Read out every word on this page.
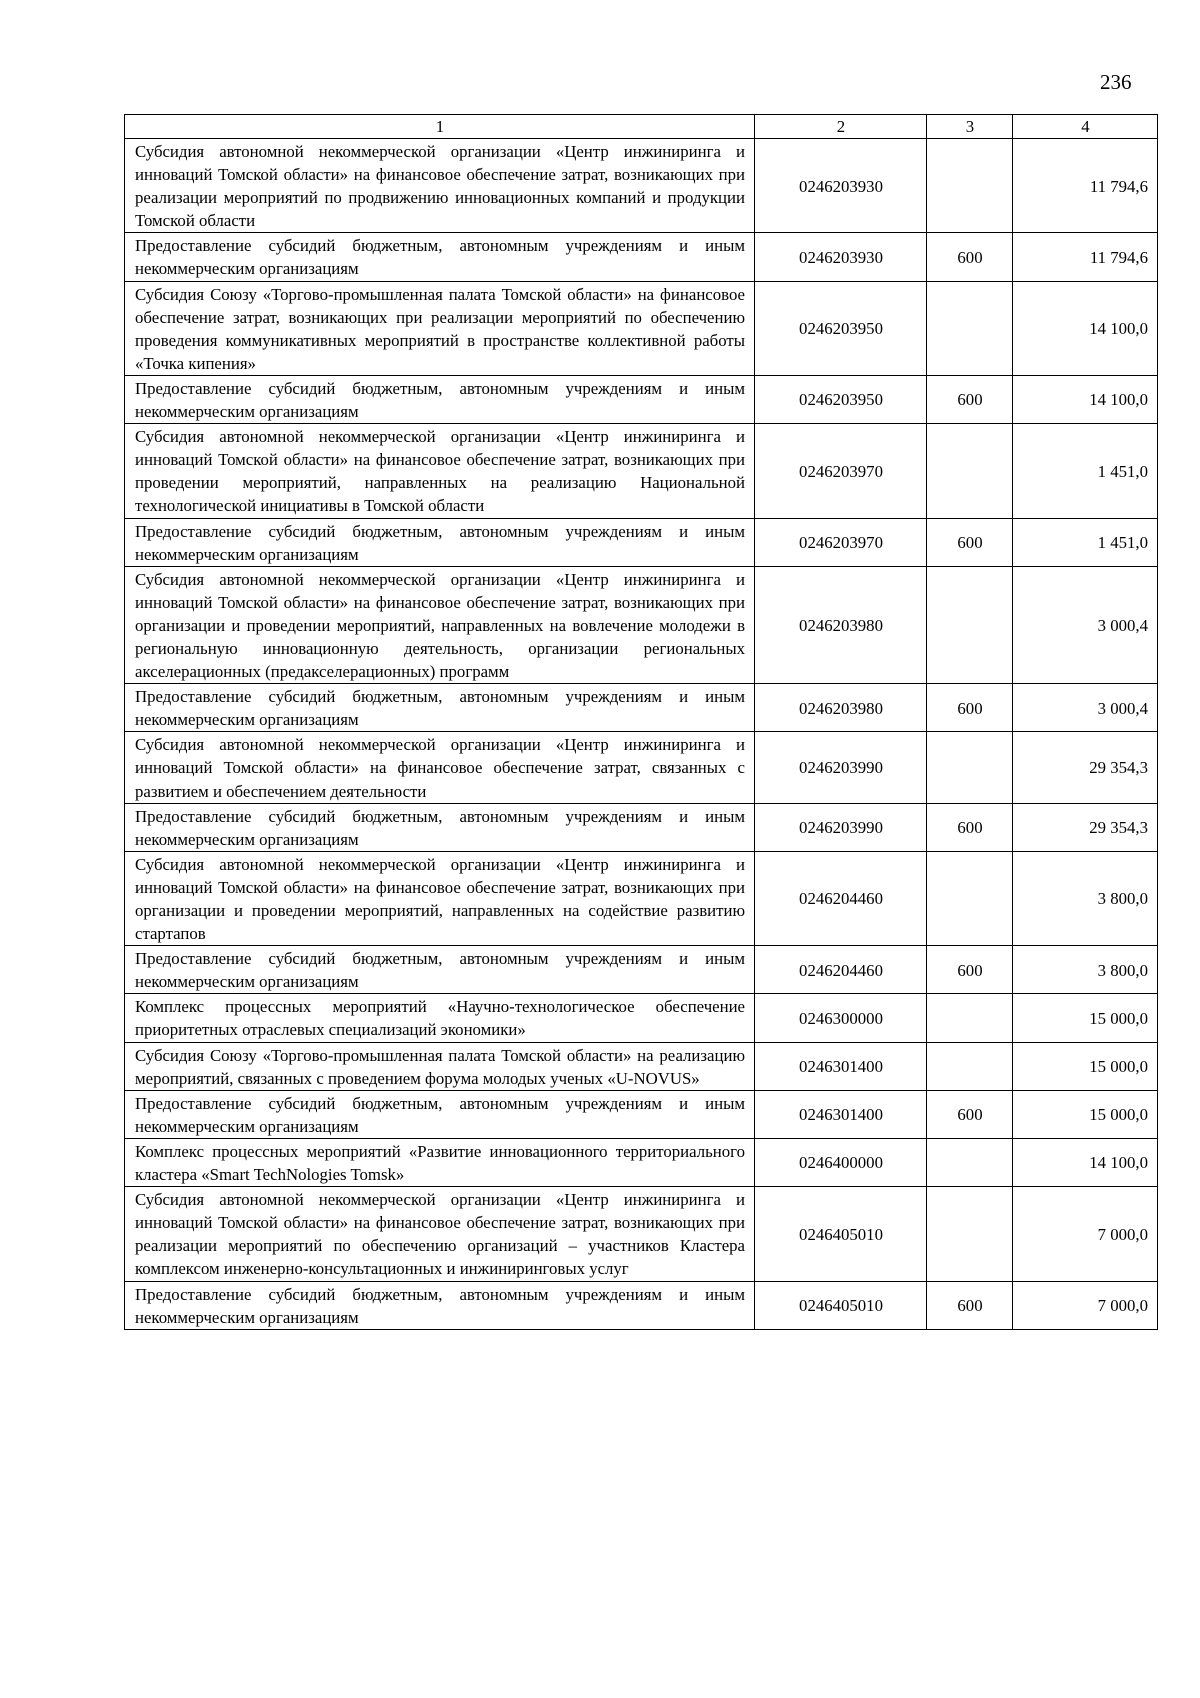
236
1	2	3	4
Субсидия автономной некоммерческой организации «Центр инжиниринга и инноваций Томской области» на финансовое обеспечение затрат, возникающих при реализации мероприятий по продвижению инновационных компаний и продукции Томской области	0246203930		11 794,6
Предоставление субсидий бюджетным, автономным учреждениям и иным некоммерческим организациям	0246203930	600	11 794,6
Субсидия Союзу «Торгово-промышленная палата Томской области» на финансовое обеспечение затрат, возникающих при реализации мероприятий по обеспечению проведения коммуникативных мероприятий в пространстве коллективной работы «Точка кипения»	0246203950		14 100,0
Предоставление субсидий бюджетным, автономным учреждениям и иным некоммерческим организациям	0246203950	600	14 100,0
Субсидия автономной некоммерческой организации «Центр инжиниринга и инноваций Томской области» на финансовое обеспечение затрат, возникающих при проведении мероприятий, направленных на реализацию Национальной технологической инициативы в Томской области	0246203970		1 451,0
Предоставление субсидий бюджетным, автономным учреждениям и иным некоммерческим организациям	0246203970	600	1 451,0
Субсидия автономной некоммерческой организации «Центр инжиниринга и инноваций Томской области» на финансовое обеспечение затрат, возникающих при организации и проведении мероприятий, направленных на вовлечение молодежи в региональную инновационную деятельность, организации региональных акселерационных (предакселерационных) программ	0246203980		3 000,4
Предоставление субсидий бюджетным, автономным учреждениям и иным некоммерческим организациям	0246203980	600	3 000,4
Субсидия автономной некоммерческой организации «Центр инжиниринга и инноваций Томской области» на финансовое обеспечение затрат, связанных с развитием и обеспечением деятельности	0246203990		29 354,3
Предоставление субсидий бюджетным, автономным учреждениям и иным некоммерческим организациям	0246203990	600	29 354,3
Субсидия автономной некоммерческой организации «Центр инжиниринга и инноваций Томской области» на финансовое обеспечение затрат, возникающих при организации и проведении мероприятий, направленных на содействие развитию стартапов	0246204460		3 800,0
Предоставление субсидий бюджетным, автономным учреждениям и иным некоммерческим организациям	0246204460	600	3 800,0
Комплекс процессных мероприятий «Научно-технологическое обеспечение приоритетных отраслевых специализаций экономики»	0246300000		15 000,0
Субсидия Союзу «Торгово-промышленная палата Томской области» на реализацию мероприятий, связанных с проведением форума молодых ученых «U-NOVUS»	0246301400		15 000,0
Предоставление субсидий бюджетным, автономным учреждениям и иным некоммерческим организациям	0246301400	600	15 000,0
Комплекс процессных мероприятий «Развитие инновационного территориального кластера «Smart TechNologies Tomsk»	0246400000		14 100,0
Субсидия автономной некоммерческой организации «Центр инжиниринга и инноваций Томской области» на финансовое обеспечение затрат, возникающих при реализации мероприятий по обеспечению организаций – участников Кластера комплексом инженерно-консультационных и инжиниринговых услуг	0246405010		7 000,0
Предоставление субсидий бюджетным, автономным учреждениям и иным некоммерческим организациям	0246405010	600	7 000,0
